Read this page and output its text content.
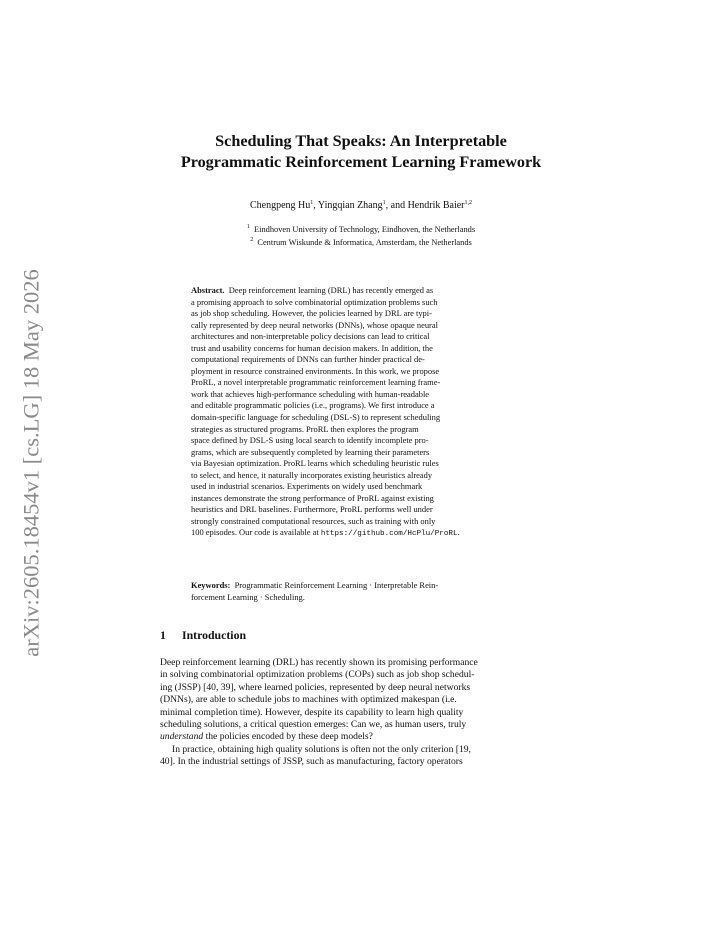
arXiv:2605.18454v1 [cs.LG] 18 May 2026
Scheduling That Speaks: An Interpretable
Programmatic Reinforcement Learning Framework
Chengpeng Hu$^1$, Yingqian Zhang$^1$, and Hendrik Baier$^{1,2}$
$^1$ Eindhoven University of Technology, Eindhoven, the Netherlands
$^2$ Centrum Wiskunde & Informatica, Amsterdam, the Netherlands
Abstract. Deep reinforcement learning (DRL) has recently emerged as
a promising approach to solve combinatorial optimization problems such
as job shop scheduling. However, the policies learned by DRL are typi-
cally represented by deep neural networks (DNNs), whose opaque neural
architectures and non-interpretable policy decisions can lead to critical
trust and usability concerns for human decision makers. In addition, the
computational requirements of DNNs can further hinder practical de-
ployment in resource constrained environments. In this work, we propose
ProRL, a novel interpretable programmatic reinforcement learning frame-
work that achieves high-performance scheduling with human-readable
and editable programmatic policies (i.e., programs). We first introduce a
domain-specific language for scheduling (DSL-S) to represent scheduling
strategies as structured programs. ProRL then explores the program
space defined by DSL-S using local search to identify incomplete pro-
grams, which are subsequently completed by learning their parameters
via Bayesian optimization. ProRL learns which scheduling heuristic rules
to select, and hence, it naturally incorporates existing heuristics already
used in industrial scenarios. Experiments on widely used benchmark
instances demonstrate the strong performance of ProRL against existing
heuristics and DRL baselines. Furthermore, ProRL performs well under
strongly constrained computational resources, such as training with only
100 episodes. Our code is available at https://github.com/HcPlu/ProRL.
Keywords: Programmatic Reinforcement Learning · Interpretable Rein-
forcement Learning · Scheduling.
1 Introduction
Deep reinforcement learning (DRL) has recently shown its promising performance
in solving combinatorial optimization problems (COPs) such as job shop schedul-
ing (JSSP) [40, 39], where learned policies, represented by deep neural networks
(DNNs), are able to schedule jobs to machines with optimized makespan (i.e.
minimal completion time). However, despite its capability to learn high quality
scheduling solutions, a critical question emerges: Can we, as human users, truly
understand the policies encoded by these deep models?
In practice, obtaining high quality solutions is often not the only criterion [19,
40]. In the industrial settings of JSSP, such as manufacturing, factory operators
